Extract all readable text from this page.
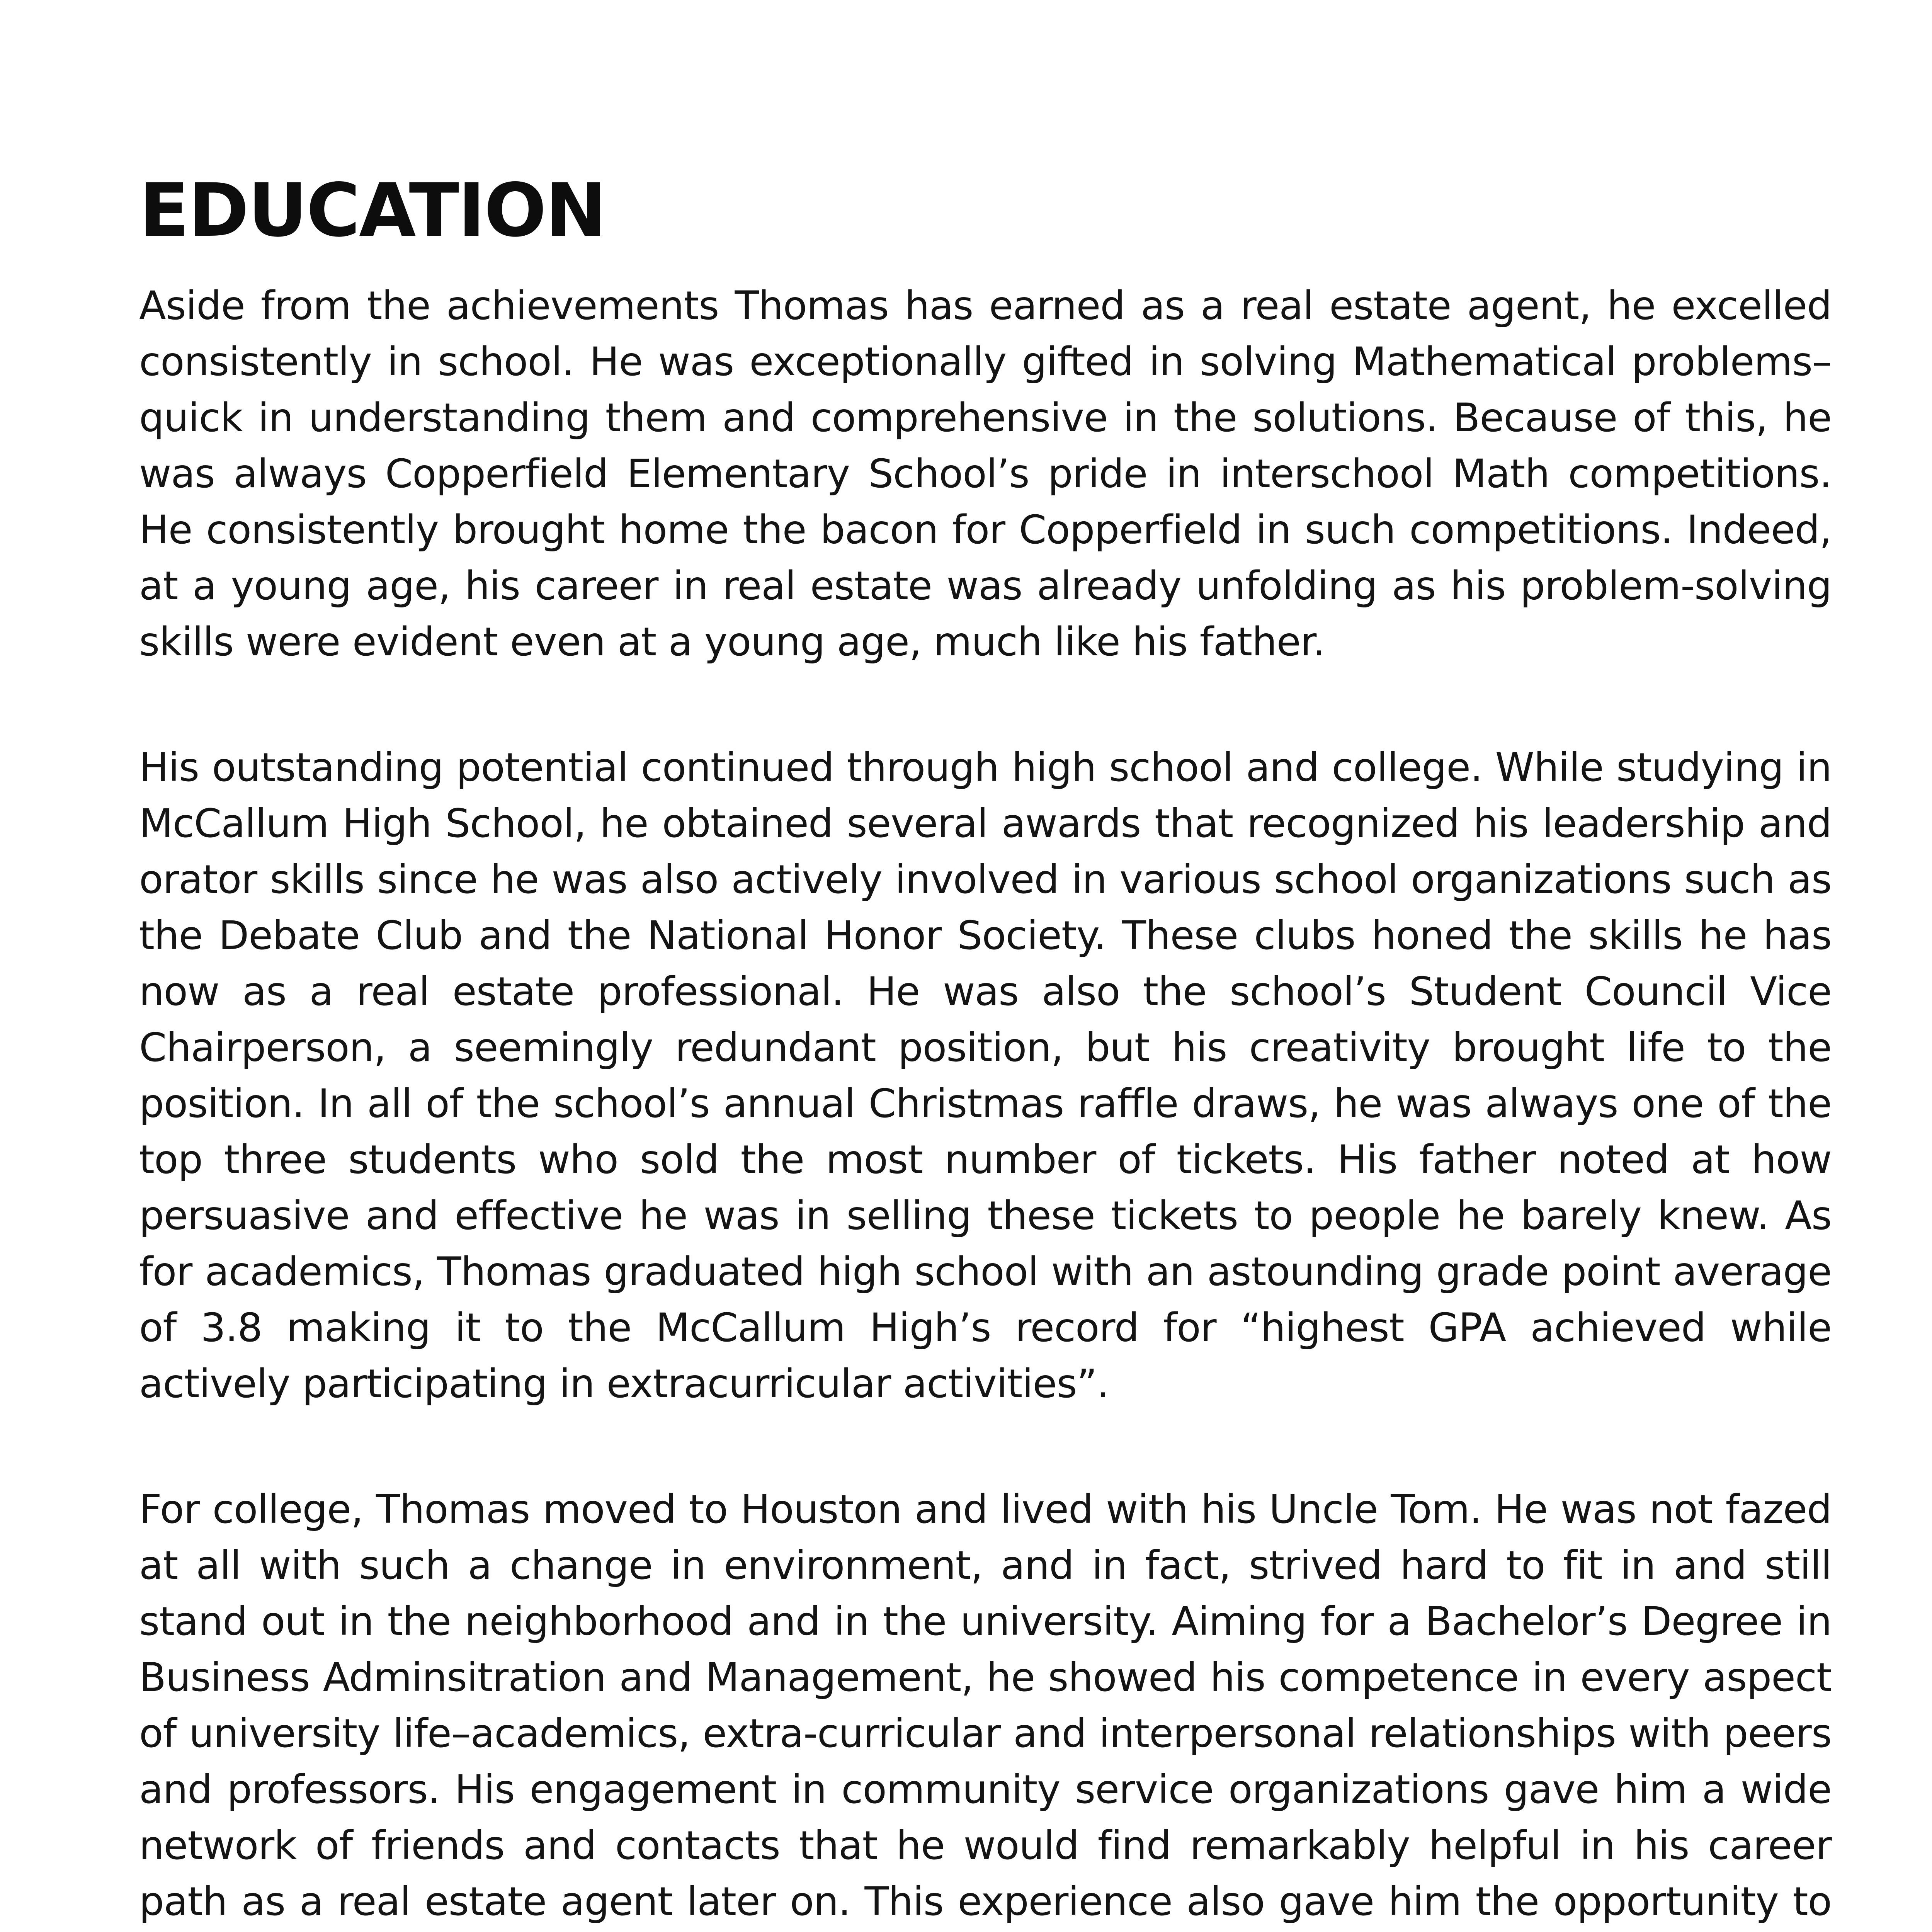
EDUCATION

Aside from the achievements Thomas has earned as a real estate agent, he excelled consistently in school. He was exceptionally gifted in solving Mathematical problems–quick in understanding them and comprehensive in the solutions. Because of this, he was always Copperfield Elementary School’s pride in interschool Math competitions. He consistently brought home the bacon for Copperfield in such competitions. Indeed, at a young age, his career in real estate was already unfolding as his problem-solving skills were evident even at a young age, much like his father.

His outstanding potential continued through high school and college. While studying in McCallum High School, he obtained several awards that recognized his leadership and orator skills since he was also actively involved in various school organizations such as the Debate Club and the National Honor Society. These clubs honed the skills he has now as a real estate professional. He was also the school’s Student Council Vice Chairperson, a seemingly redundant position, but his creativity brought life to the position. In all of the school’s annual Christmas raffle draws, he was always one of the top three students who sold the most number of tickets. His father noted at how persuasive and effective he was in selling these tickets to people he barely knew. As for academics, Thomas graduated high school with an astounding grade point average of 3.8 making it to the McCallum High’s record for “highest GPA achieved while actively participating in extracurricular activities”.

For college, Thomas moved to Houston and lived with his Uncle Tom. He was not fazed at all with such a change in environment, and in fact, strived hard to fit in and still stand out in the neighborhood and in the university. Aiming for a Bachelor’s Degree in Business Adminsitration and Management, he showed his competence in every aspect of university life–academics, extra-curricular and interpersonal relationships with peers and professors. His engagement in community service organizations gave him a wide network of friends and contacts that he would find remarkably helpful in his career path as a real estate agent later on. This experience also gave him the opportunity to
